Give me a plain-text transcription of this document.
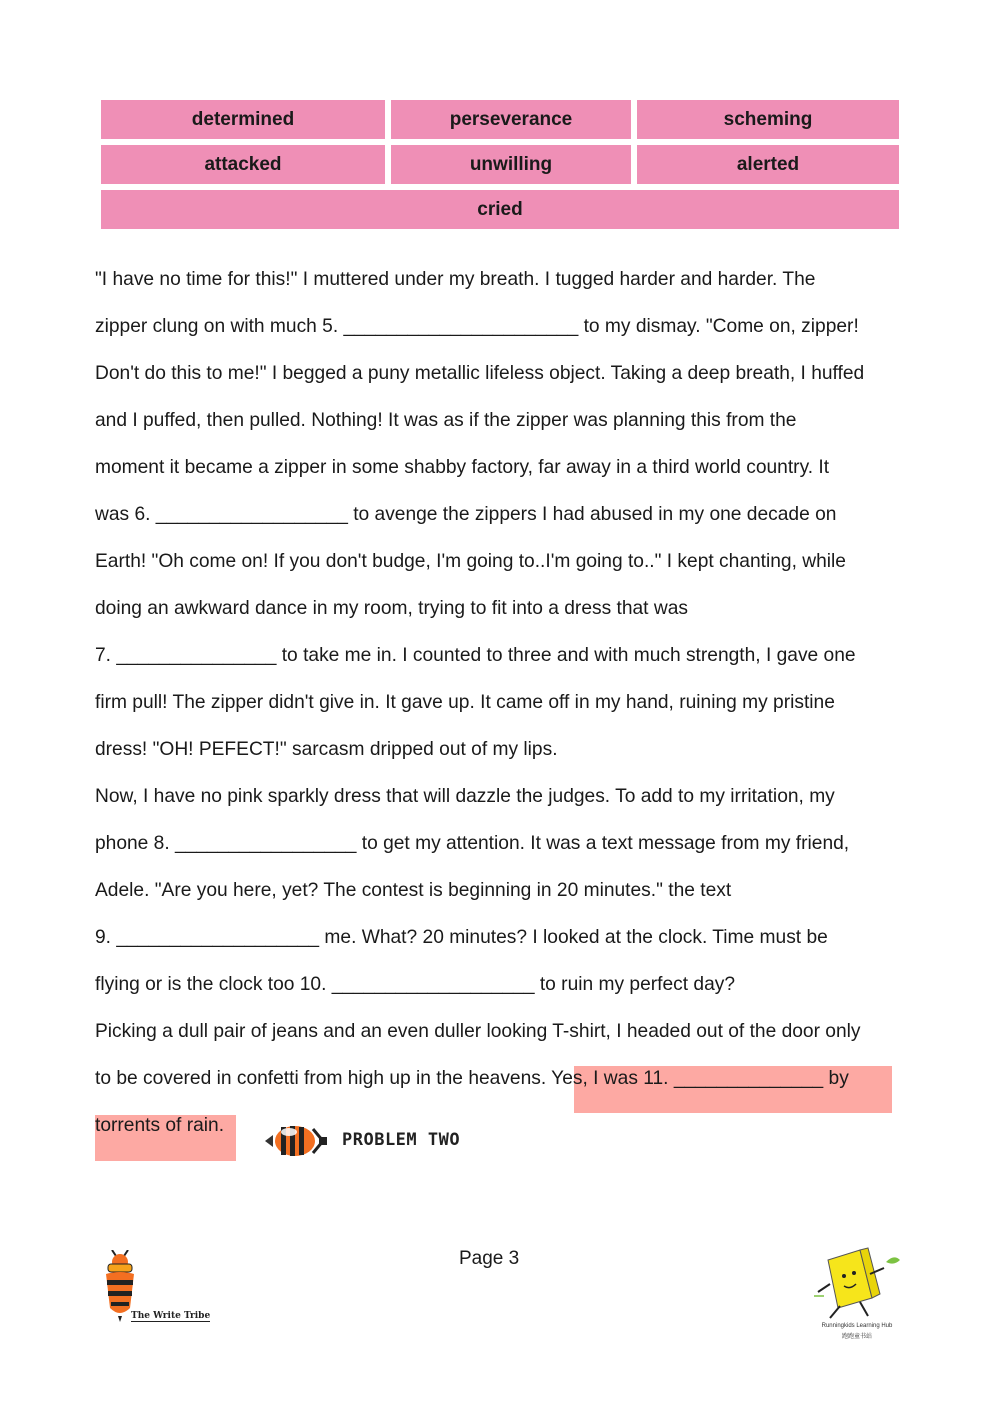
determined	perseverance	scheming
attacked	unwilling	alerted
cried
"I have no time for this!" I muttered under my breath. I tugged harder and harder. The
zipper clung on with much 5. ______________________ to my dismay. "Come on, zipper!
Don't do this to me!" I begged a puny metallic lifeless object. Taking a deep breath, I huffed
and I puffed, then pulled. Nothing! It was as if the zipper was planning this from the
moment it became a zipper in some shabby factory, far away in a third world country. It
was 6. __________________ to avenge the zippers I had abused in my one decade on
Earth! "Oh come on! If you don't budge, I'm going to..I'm going to.." I kept chanting, while
doing an awkward dance in my room, trying to fit into a dress that was
7. _______________ to take me in. I counted to three and with much strength, I gave one
firm pull! The zipper didn't give in. It gave up. It came off in my hand, ruining my pristine
dress! "OH! PEFECT!" sarcasm dripped out of my lips.
Now, I have no pink sparkly dress that will dazzle the judges. To add to my irritation, my
phone 8. _________________ to get my attention. It was a text message from my friend,
Adele. "Are you here, yet? The contest is beginning in 20 minutes." the text
9. ___________________ me. What? 20 minutes? I looked at the clock. Time must be
flying or is the clock too 10. ___________________ to ruin my perfect day?
Picking a dull pair of jeans and an even duller looking T-shirt, I headed out of the door only
to be covered in confetti from high up in the heavens. Yes, I was 11. ______________ by
torrents of rain.
PROBLEM TWO
Page 3
The Write Tribe
Runningkids Learning Hub
跑跑童书站
